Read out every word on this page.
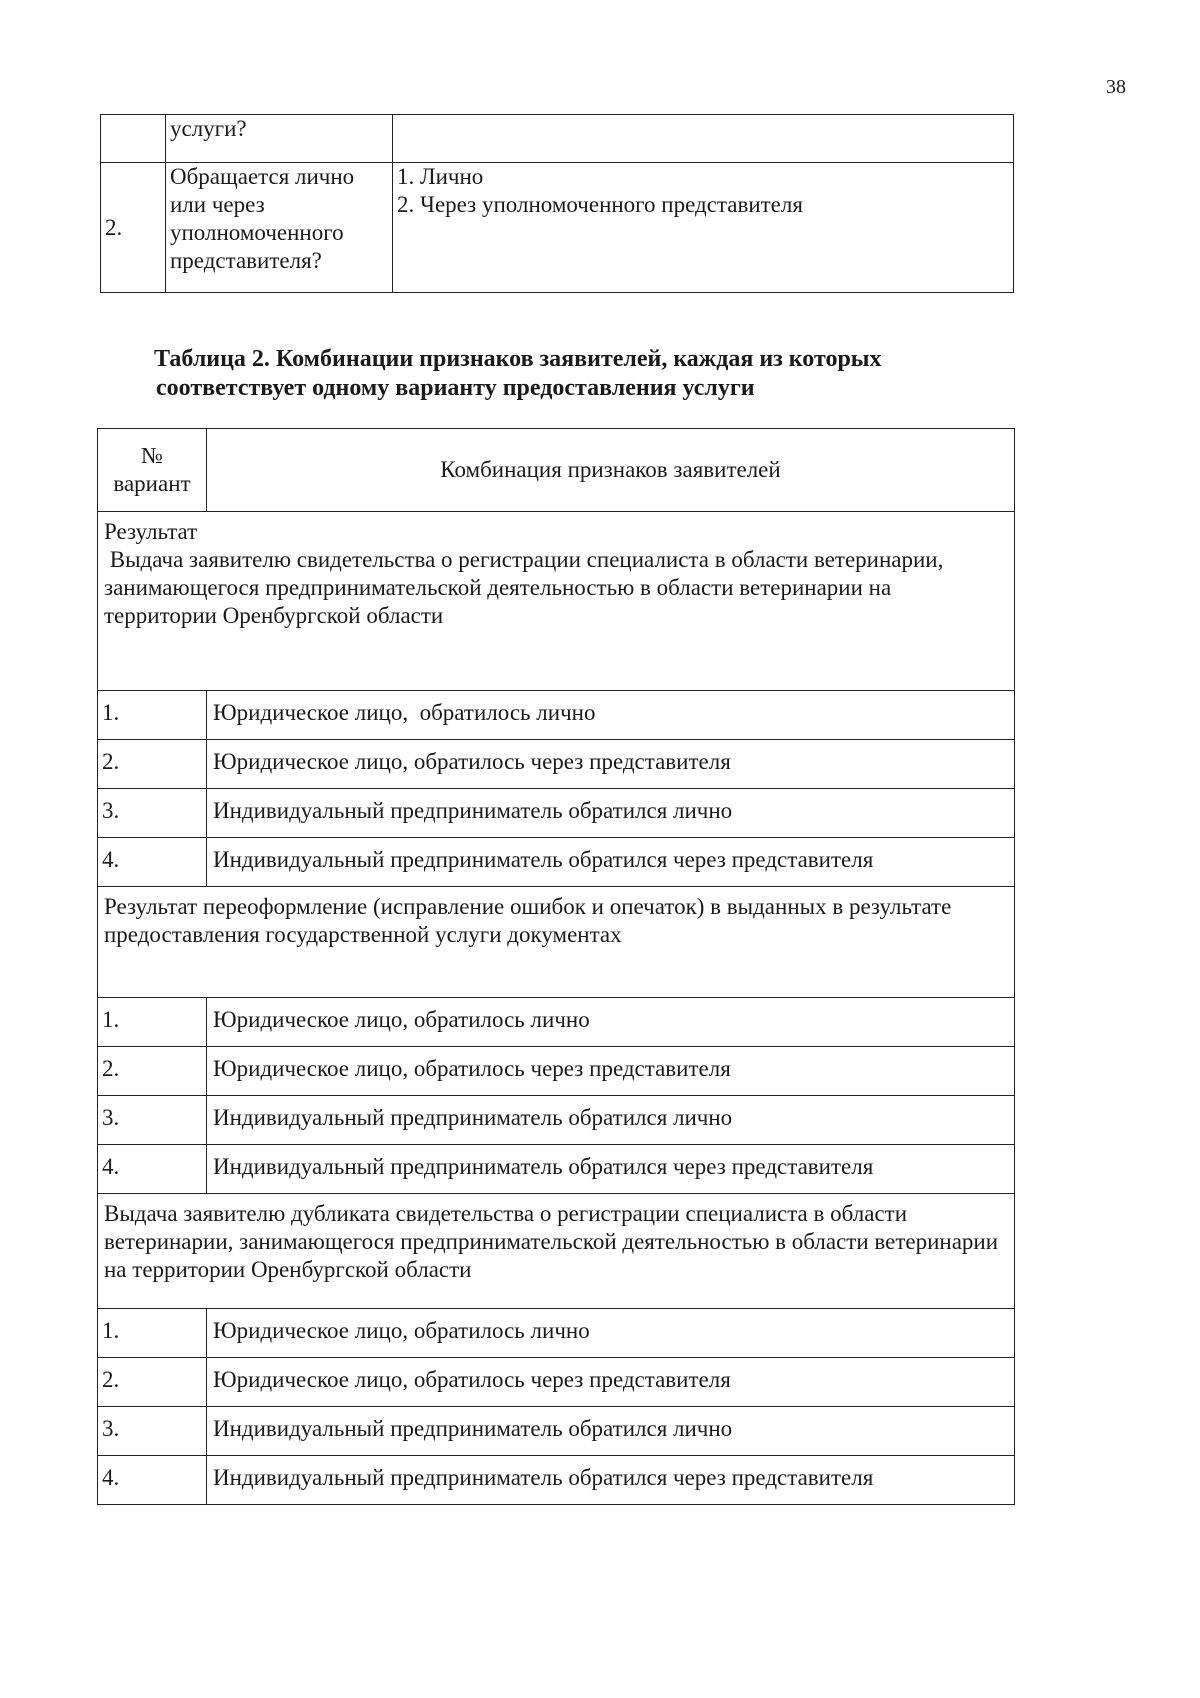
38
	услуги?	
2.	Обращается лично или через уполномоченного представителя?	1. Лично
2. Через уполномоченного представителя
Таблица 2. Комбинации признаков заявителей, каждая из которых
соответствует одному варианту предоставления услуги
№
вариант	Комбинация признаков заявителей

Результат
Выдача заявителю свидетельства о регистрации специалиста в области ветеринарии, занимающегося предпринимательской деятельностью в области ветеринарии на территории Оренбургской области	

1.	Юридическое лицо,  обратилось лично
2.	Юридическое лицо, обратилось через представителя
3.	Индивидуальный предприниматель обратился лично
4.	Индивидуальный предприниматель обратился через представителя

Результат переоформление (исправление ошибок и опечаток) в выданных в результате предоставления государственной услуги документах	

1.	Юридическое лицо, обратилось лично
2.	Юридическое лицо, обратилось через представителя
3.	Индивидуальный предприниматель обратился лично
4.	Индивидуальный предприниматель обратился через представителя

Выдача заявителю дубликата свидетельства о регистрации специалиста в области ветеринарии, занимающегося предпринимательской деятельностью в области ветеринарии на территории Оренбургской области	

1.	Юридическое лицо, обратилось лично
2.	Юридическое лицо, обратилось через представителя
3.	Индивидуальный предприниматель обратился лично
4.	Индивидуальный предприниматель обратился через представителя
